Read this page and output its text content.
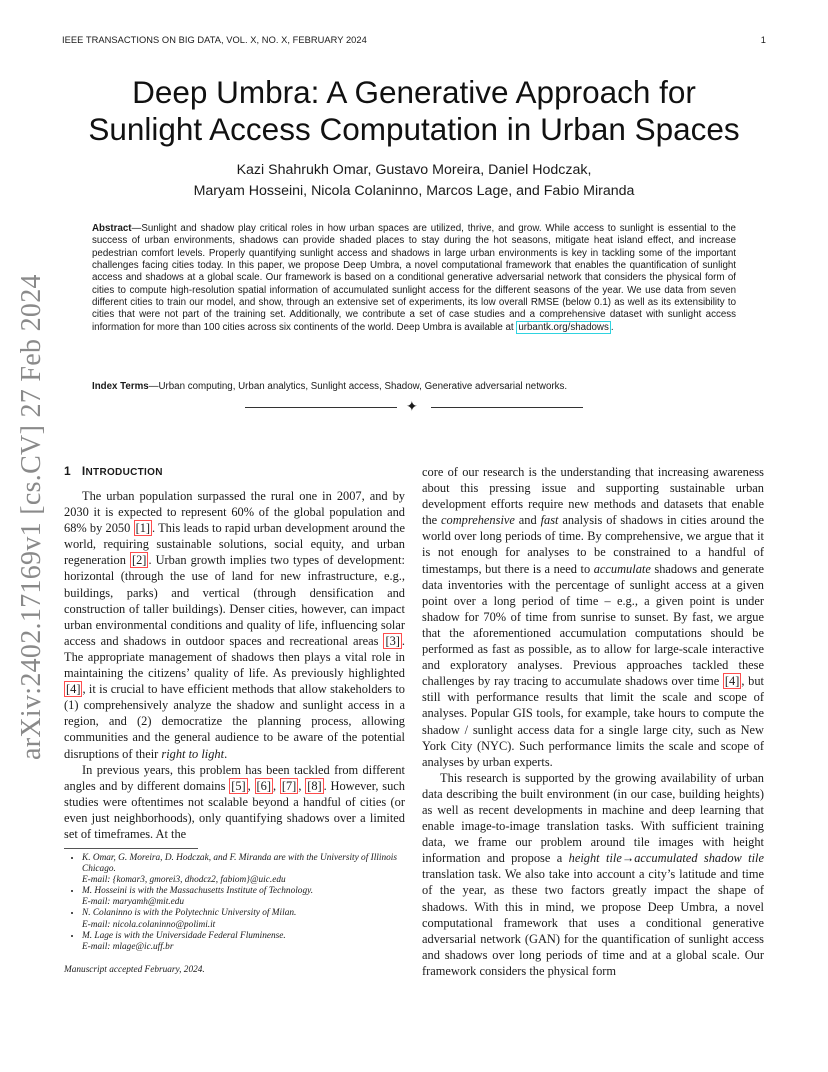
IEEE TRANSACTIONS ON BIG DATA, VOL. X, NO. X, FEBRUARY 2024	1
Deep Umbra: A Generative Approach for
Sunlight Access Computation in Urban Spaces
Kazi Shahrukh Omar, Gustavo Moreira, Daniel Hodczak,
Maryam Hosseini, Nicola Colaninno, Marcos Lage, and Fabio Miranda
Abstract—Sunlight and shadow play critical roles in how urban spaces are utilized, thrive, and grow. While access to sunlight is essential to the success of urban environments, shadows can provide shaded places to stay during the hot seasons, mitigate heat island effect, and increase pedestrian comfort levels. Properly quantifying sunlight access and shadows in large urban environments is key in tackling some of the important challenges facing cities today. In this paper, we propose Deep Umbra, a novel computational framework that enables the quantification of sunlight access and shadows at a global scale. Our framework is based on a conditional generative adversarial network that considers the physical form of cities to compute high-resolution spatial information of accumulated sunlight access for the different seasons of the year. We use data from seven different cities to train our model, and show, through an extensive set of experiments, its low overall RMSE (below 0.1) as well as its extensibility to cities that were not part of the training set. Additionally, we contribute a set of case studies and a comprehensive dataset with sunlight access information for more than 100 cities across six continents of the world. Deep Umbra is available at urbantk.org/shadows .
Index Terms—Urban computing, Urban analytics, Sunlight access, Shadow, Generative adversarial networks.
✦
arXiv:2402.17169v1 [cs.CV] 27 Feb 2024	1 INTRODUCTION

The urban population surpassed the rural one in 2007, and by 2030 it is expected to represent 60% of the global population and 68% by 2050 [1] . This leads to rapid urban development around the world, requiring sustainable solutions, social equity, and urban regeneration [2] . Urban growth implies two types of development: horizontal (through the use of land for new infrastructure, e.g., buildings, parks) and vertical (through densification and construction of taller buildings). Denser cities, however, can impact urban environmental conditions and quality of life, influencing solar access and shadows in outdoor spaces and recreational areas [3] . The appropriate management of shadows then plays a vital role in maintaining the citizens’ quality of life. As previously highlighted [4] , it is crucial to have efficient methods that allow stakeholders to (1) comprehensively analyze the shadow and sunlight access in a region, and (2) democratize the planning process, allowing communities and the general audience to be aware of the potential disruptions of their right to light.

In previous years, this problem has been tackled from different angles and by different domains [5] , [6] , [7] , [8] . However, such studies were oftentimes not scalable beyond a handful of cities (or even just neighborhoods), only quantifying shadows over a limited set of timeframes. At the

• K. Omar, G. Moreira, D. Hodczak, and F. Miranda are with the University of Illinois Chicago.
E-mail: {komar3, gmorei3, dhodcz2, fabiom}@uic.edu
• M. Hosseini is with the Massachusetts Institute of Technology.
E-mail: maryamh@mit.edu
• N. Colaninno is with the Polytechnic University of Milan.
E-mail: nicola.colaninno@polimi.it
• M. Lage is with the Universidade Federal Fluminense.
E-mail: mlage@ic.uff.br
Manuscript accepted February, 2024.

core of our research is the understanding that increasing awareness about this pressing issue and supporting sustainable urban development efforts require new methods and datasets that enable the comprehensive and fast analysis of shadows in cities around the world over long periods of time. By comprehensive, we argue that it is not enough for analyses to be constrained to a handful of timestamps, but there is a need to accumulate shadows and generate data inventories with the percentage of sunlight access at a given point over a long period of time – e.g., a given point is under shadow for 70% of time from sunrise to sunset. By fast, we argue that the aforementioned accumulation computations should be performed as fast as possible, as to allow for large-scale interactive and exploratory analyses. Previous approaches tackled these challenges by ray tracing to accumulate shadows over time [4] , but still with performance results that limit the scale and scope of analyses. Popular GIS tools, for example, take hours to compute the shadow / sunlight access data for a single large city, such as New York City (NYC). Such performance limits the scale and scope of analyses by urban experts.

This research is supported by the growing availability of urban data describing the built environment (in our case, building heights) as well as recent developments in machine and deep learning that enable image-to-image translation tasks. With sufficient training data, we frame our problem around tile images with height information and propose a height tile→accumulated shadow tile translation task. We also take into account a city’s latitude and time of the year, as these two factors greatly impact the shape of shadows. With this in mind, we propose Deep Umbra, a novel computational framework that uses a conditional generative adversarial network (GAN) for the quantification of sunlight access and shadows over long periods of time and at a global scale. Our framework considers the physical form
